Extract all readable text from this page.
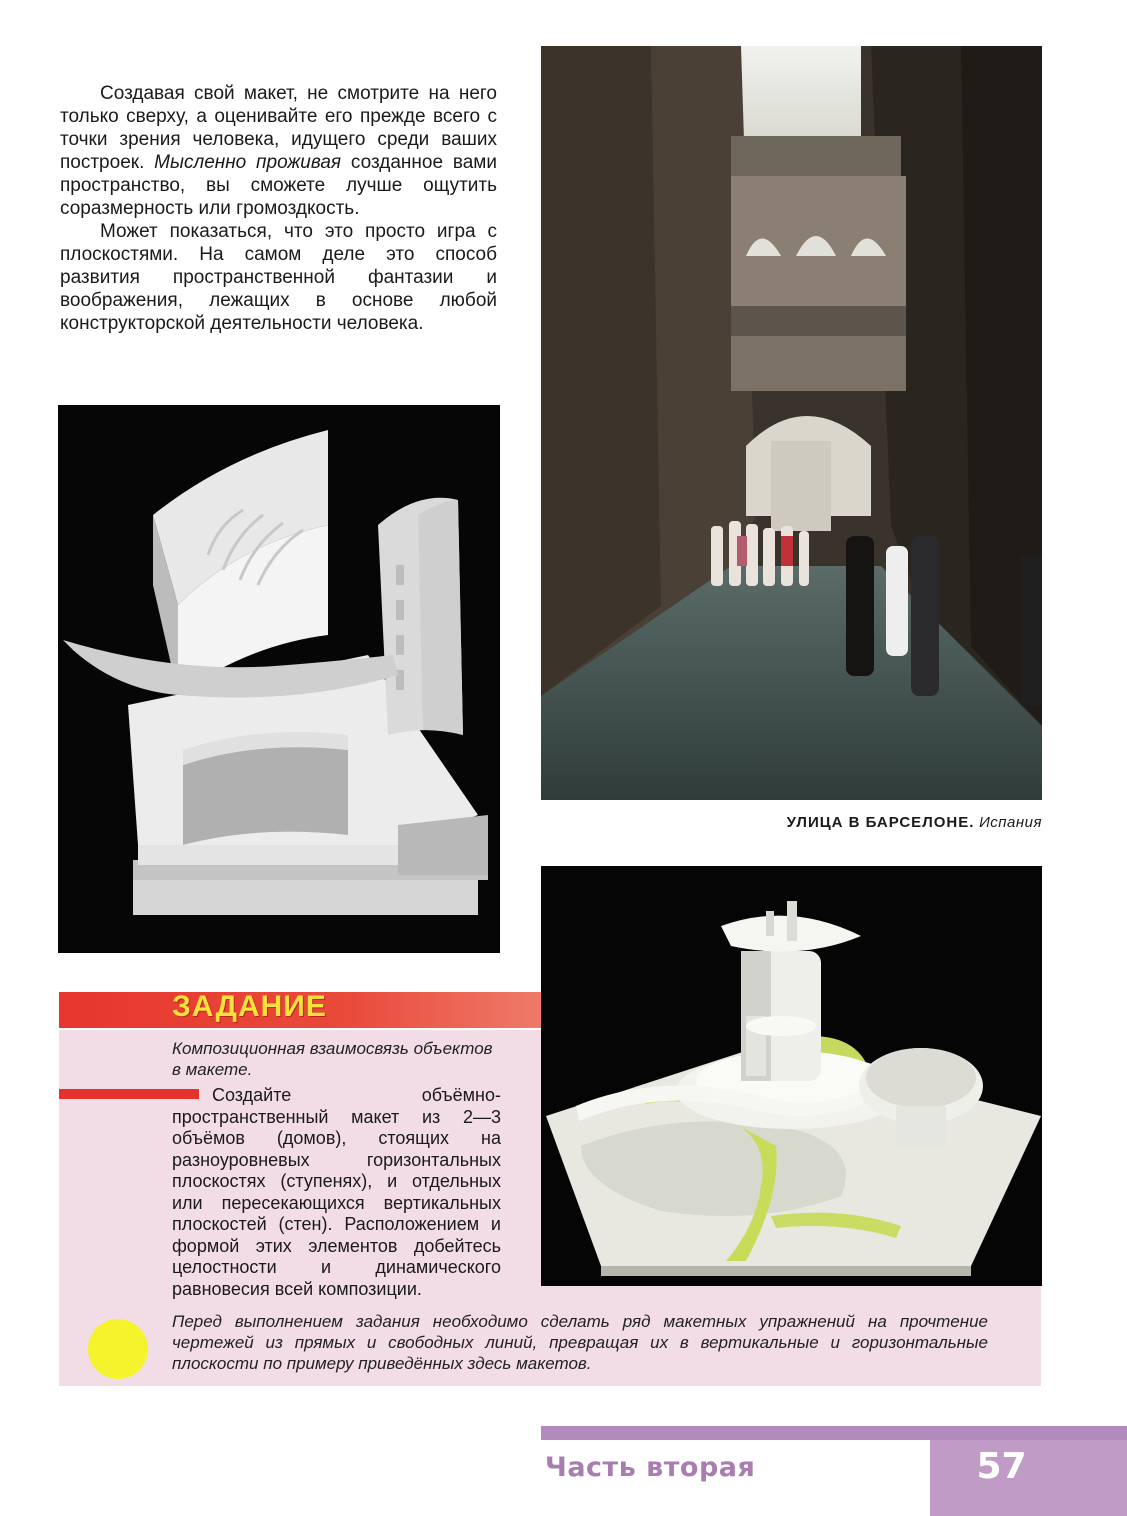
Создавая свой макет, не смотрите на него только сверху, а оценивайте его прежде всего с точки зрения человека, идущего среди ваших построек. Мысленно проживая созданное вами пространство, вы сможете лучше ощутить соразмерность или громоздкость.

Может показаться, что это просто игра с плоскостями. На самом деле это способ развития пространственной фантазии и воображения, лежащих в основе любой конструкторской деятельности человека.

УЛИЦА В БАРСЕЛОНЕ. Испания
ЗАДАНИЕ
Композиционная взаимосвязь объектов в макете.
Создайте объёмно-пространственный макет из 2—3 объёмов (домов), стоящих на разноуровневых горизонтальных плоскостях (ступенях), и отдельных или пересекающихся вертикальных плоскостей (стен). Расположением и формой этих элементов добейтесь целостности и динамического равновесия всей композиции.
Перед выполнением задания необходимо сделать ряд макетных упражнений на прочтение чертежей из прямых и свободных линий, превращая их в вертикальные и горизонтальные плоскости по примеру приведённых здесь макетов.
Часть вторая	57
